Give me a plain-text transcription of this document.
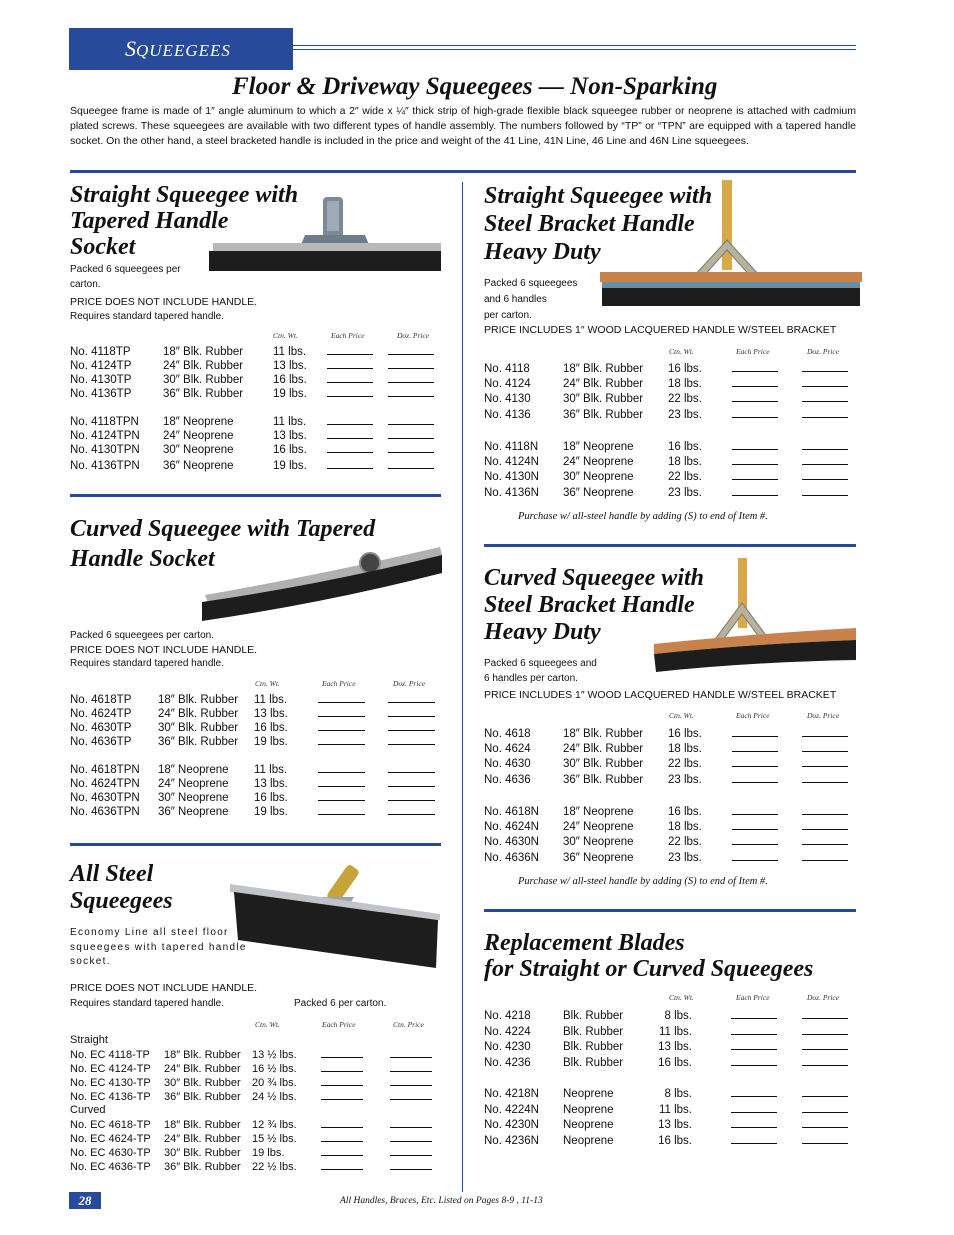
SQUEEGEES
Floor & Driveway Squeegees — Non-Sparking
Squeegee frame is made of 1″ angle aluminum to which a 2″ wide x ¼″ thick strip of high-grade flexible black squeegee rubber or neoprene is attached with cadmium plated screws. These squeegees are available with two different types of handle assembly. The numbers followed by “TP” or “TPN” are equipped with a tapered handle socket. On the other hand, a steel bracketed handle is included in the price and weight of the 41 Line, 41N Line, 46 Line and 46N Line squeegees.
Straight Squeegee with
Tapered Handle
Socket
Packed 6 squeegees per
carton.
PRICE DOES NOT INCLUDE HANDLE.
Requires standard tapered handle.
Ctn. Wt.	Each Price	Doz. Price
No. 4118TP	18″ Blk. Rubber	11 lbs.
No. 4124TP	24″ Blk. Rubber	13 lbs.
No. 4130TP	30″ Blk. Rubber	16 lbs.
No. 4136TP	36″ Blk. Rubber	19 lbs.
No. 4118TPN 18″ Neoprene	11 lbs.
No. 4124TPN 24″ Neoprene	13 lbs.
No. 4130TPN 30″ Neoprene	16 lbs.
No. 4136TPN 36″ Neoprene	19 lbs.
Curved Squeegee with Tapered
Handle Socket
Packed 6 squeegees per carton.
PRICE DOES NOT INCLUDE HANDLE.
Requires standard tapered handle.
Ctn. Wt.	Each Price	Doz. Price
No. 4618TP 18″ Blk. Rubber 11 lbs.
No. 4624TP 24″ Blk. Rubber 13 lbs.
No. 4630TP 30″ Blk. Rubber 16 lbs.
No. 4636TP 36″ Blk. Rubber 19 lbs.
No. 4618TPN 18″ Neoprene 11 lbs.
No. 4624TPN 24″ Neoprene 13 lbs.
No. 4630TPN 30″ Neoprene 16 lbs.
No. 4636TPN 36″ Neoprene 19 lbs.
All Steel
Squeegees
Economy Line all steel floor
squeegees with tapered handle
socket.
PRICE DOES NOT INCLUDE HANDLE.
Requires standard tapered handle.	Packed 6 per carton.
Ctn. Wt.	Each Price	Ctn. Price
Straight
Curved
No. EC 4118-TP 18″ Blk. Rubber 13 ½ lbs.
No. EC 4124-TP 24″ Blk. Rubber 16 ½ lbs.
No. EC 4130-TP 30″ Blk. Rubber 20 ¾ lbs.
No. EC 4136-TP 36″ Blk. Rubber 24 ½ lbs.
No. EC 4618-TP 18″ Blk. Rubber 12 ¾ lbs.
No. EC 4624-TP 24″ Blk. Rubber 15 ½ lbs.
No. EC 4630-TP 30″ Blk. Rubber 19 lbs.
No. EC 4636-TP 36″ Blk. Rubber 22 ½ lbs.
Straight Squeegee with
Steel Bracket Handle
Heavy Duty
Packed 6 squeegees
and 6 handles
per carton.
PRICE INCLUDES 1″ WOOD LACQUERED HANDLE W/STEEL BRACKET
Ctn. Wt.	Each Price	Doz. Price
No. 4118	18″ Blk. Rubber 16 lbs.
No. 4124	24″ Blk. Rubber 18 lbs.
No. 4130	30″ Blk. Rubber 22 lbs.
No. 4136	36″ Blk. Rubber 23 lbs.
No. 4118N 18″ Neoprene	16 lbs.
No. 4124N 24″ Neoprene	18 lbs.
No. 4130N 30″ Neoprene	22 lbs.
No. 4136N 36″ Neoprene	23 lbs.
Purchase w/ all-steel handle by adding (S) to end of Item #.
Curved Squeegee with
Steel Bracket Handle
Heavy Duty
Packed 6 squeegees and
6 handles per carton.
PRICE INCLUDES 1″ WOOD LACQUERED HANDLE W/STEEL BRACKET
Ctn. Wt.	Each Price	Doz. Price
No. 4618	18″ Blk. Rubber 16 lbs.
No. 4624	24″ Blk. Rubber 18 lbs.
No. 4630	30″ Blk. Rubber 22 lbs.
No. 4636	36″ Blk. Rubber 23 lbs.
No. 4618N 18″ Neoprene	16 lbs.
No. 4624N 24″ Neoprene	18 lbs.
No. 4630N 30″ Neoprene	22 lbs.
No. 4636N 36″ Neoprene	23 lbs.
Purchase w/ all-steel handle by adding (S) to end of Item #.
Replacement Blades
for Straight or Curved Squeegees
Ctn. Wt.	Each Price	Doz. Price
No. 4218	Blk. Rubber	8 lbs.
No. 4224	Blk. Rubber	11 lbs.
No. 4230	Blk. Rubber	13 lbs.
No. 4236	Blk. Rubber	16 lbs.
No. 4218N Neoprene	8 lbs.
No. 4224N Neoprene	11 lbs.
No. 4230N Neoprene	13 lbs.
No. 4236N Neoprene	16 lbs.
28	All Handles, Braces, Etc. Listed on Pages 8-9 , 11-13
